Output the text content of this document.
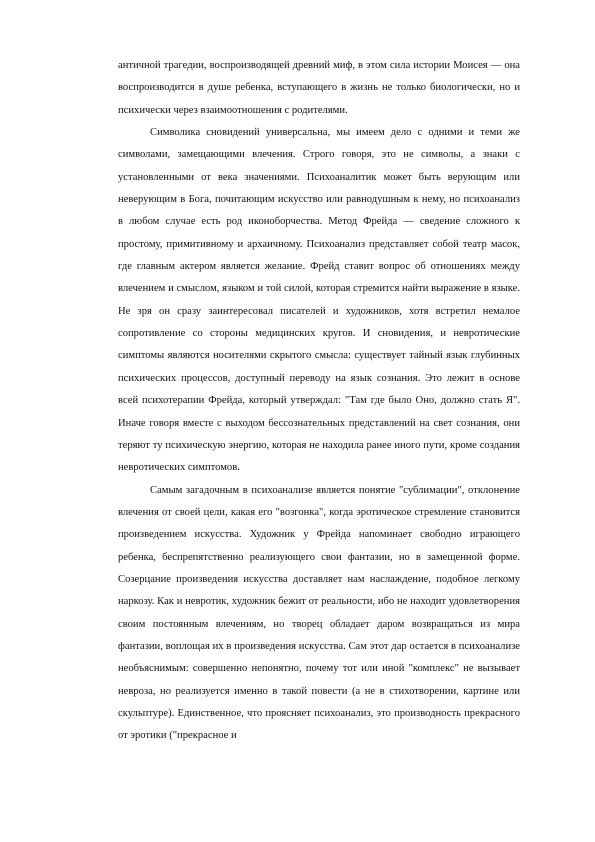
античной трагедии, воспроизводящей древний миф, в этом сила истории Моисея — она воспроизводится в душе ребенка, вступающего в жизнь не только биологически, но и психически через взаимоотношения с родителями.

Символика сновидений универсальна, мы имеем дело с одними и теми же символами, замещающими влечения. Строго говоря, это не символы, а знаки с установленными от века значениями. Психоаналитик может быть верующим или неверующим в Бога, почитающим искусство или равнодушным к нему, но психоанализ в любом случае есть род иконоборчества. Метод Фрейда — сведение сложного к простому, примитивному и архаичному. Психоанализ представляет собой театр масок, где главным актером является желание. Фрейд ставит вопрос об отношениях между влечением и смыслом, языком и той силой, которая стремится найти выражение в языке. Не зря он сразу заинтересовал писателей и художников, хотя встретил немалое сопротивление со стороны медицинских кругов. И сновидения, и невротические симптомы являются носителями скрытого смысла: существует тайный язык глубинных психических процессов, доступный переводу на язык сознания. Это лежит в основе всей психотерапии Фрейда, который утверждал: "Там где было Оно, должно стать Я". Иначе говоря вместе с выходом бессознательных представлений на свет сознания, они теряют ту психическую энергию, которая не находила ранее иного пути, кроме создания невротических симптомов.

Самым загадочным в психоанализе является понятие "сублимации", отклонение влечения от своей цели, какая его "возгонка", когда эротическое стремление становится произведением искусства. Художник у Фрейда напоминает свободно играющего ребенка, беспрепятственно реализующего свои фантазии, но в замещенной форме. Созерцание произведения искусства доставляет нам наслаждение, подобное легкому наркозу. Как и невротик, художник бежит от реальности, ибо не находит удовлетворения своим постоянным влечениям, но творец обладает даром возвращаться из мира фантазии, воплощая их в произведения искусства. Сам этот дар остается в психоанализе необъяснимым: совершенно непонятно, почему тот или иной "комплекс" не вызывает невроза, но реализуется именно в такой повести (а не в стихотворении, картине или скульптуре). Единственное, что проясняет психоанализ, это производность прекрасного от эротики ("прекрасное и
